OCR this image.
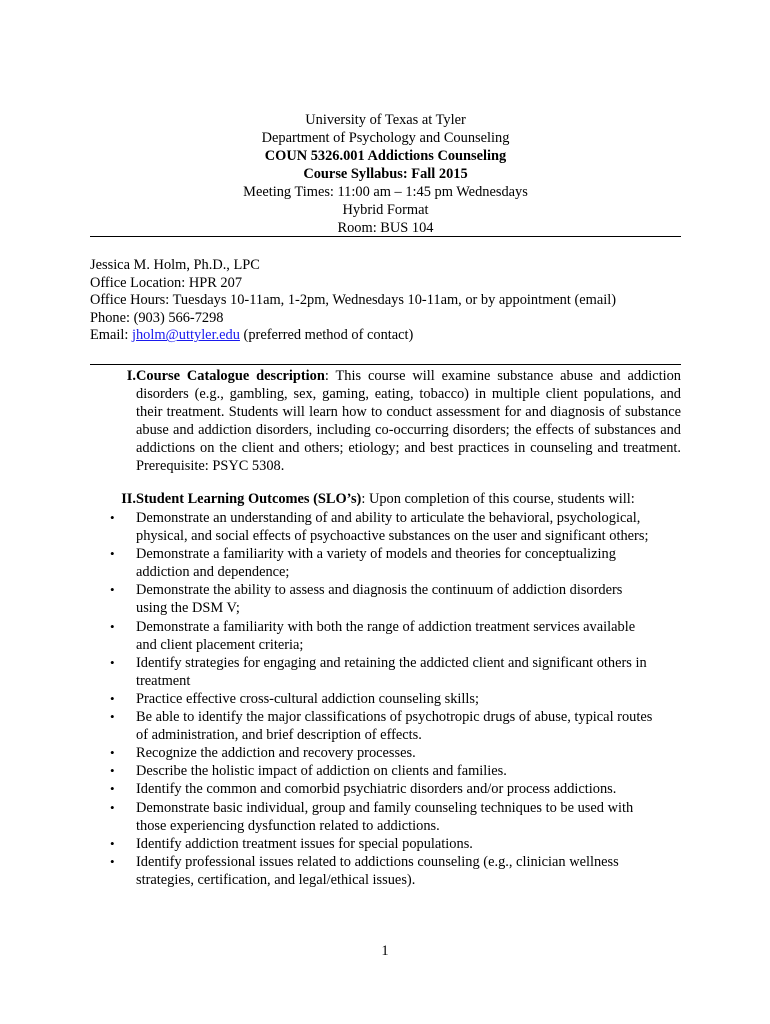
University of Texas at Tyler
Department of Psychology and Counseling
COUN 5326.001 Addictions Counseling
Course Syllabus: Fall 2015
Meeting Times: 11:00 am – 1:45 pm Wednesdays
Hybrid Format
Room: BUS 104
Jessica M. Holm, Ph.D., LPC
Office Location: HPR 207
Office Hours: Tuesdays 10-11am, 1-2pm, Wednesdays 10-11am, or by appointment (email)
Phone: (903) 566-7298
Email: jholm@uttyler.edu (preferred method of contact)
I. Course Catalogue description: This course will examine substance abuse and addiction disorders (e.g., gambling, sex, gaming, eating, tobacco) in multiple client populations, and their treatment. Students will learn how to conduct assessment for and diagnosis of substance abuse and addiction disorders, including co-occurring disorders; the effects of substances and addictions on the client and others; etiology; and best practices in counseling and treatment. Prerequisite: PSYC 5308.
II. Student Learning Outcomes (SLO’s): Upon completion of this course, students will:
• Demonstrate an understanding of and ability to articulate the behavioral, psychological,
physical, and social effects of psychoactive substances on the user and significant others;
• Demonstrate a familiarity with a variety of models and theories for conceptualizing
addiction and dependence;
• Demonstrate the ability to assess and diagnosis the continuum of addiction disorders
using the DSM V;
• Demonstrate a familiarity with both the range of addiction treatment services available
and client placement criteria;
• Identify strategies for engaging and retaining the addicted client and significant others in
treatment
• Practice effective cross-cultural addiction counseling skills;
• Be able to identify the major classifications of psychotropic drugs of abuse, typical routes
of administration, and brief description of effects.
• Recognize the addiction and recovery processes.
• Describe the holistic impact of addiction on clients and families.
• Identify the common and comorbid psychiatric disorders and/or process addictions.
• Demonstrate basic individual, group and family counseling techniques to be used with
those experiencing dysfunction related to addictions.
• Identify addiction treatment issues for special populations.
• Identify professional issues related to addictions counseling (e.g., clinician wellness
strategies, certification, and legal/ethical issues).
1
